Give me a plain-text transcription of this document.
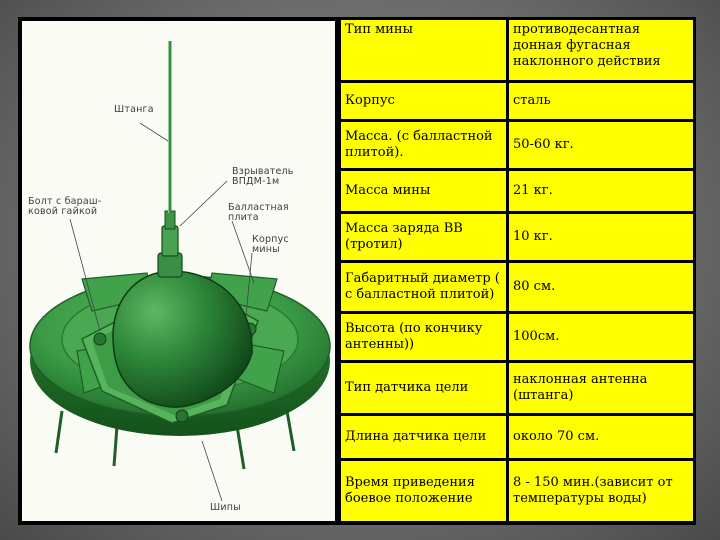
Штанга
Взрыватель
ВПДМ-1м
Болт с бараш-
ковой гайкой	Балластная
плита
Корпус
мины
Шипы
Тип мины	противодесантная донная фугасная наклонного действия
Корпус	сталь
Масса. (с балластной плитой).	50-60 кг.
Масса мины	21 кг.
Масса заряда ВВ (тротил)	10 кг.
Габаритный диаметр ( с балластной плитой)	80 см.
Высота (по кончику антенны))	100см.
Тип датчика цели	наклонная антенна (штанга)
Длина датчика цели	около 70 см.
Время приведения боевое положение	8 - 150 мин.(зависит от температуры воды)
